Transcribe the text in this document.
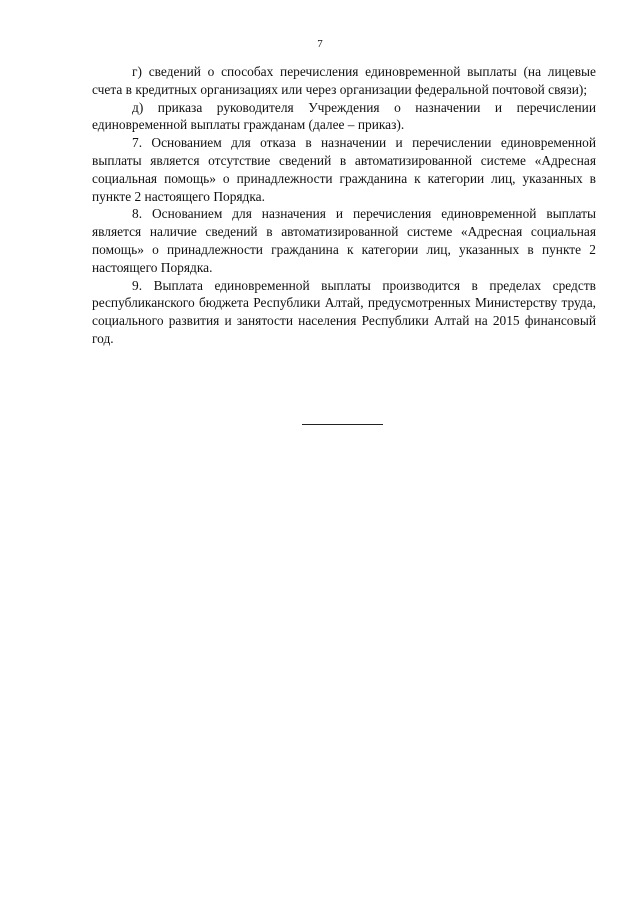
7

г) сведений о способах перечисления единовременной выплаты (на лицевые счета в кредитных организациях или через организации федеральной почтовой связи);

д) приказа руководителя Учреждения о назначении и перечислении единовременной выплаты гражданам (далее – приказ).

7. Основанием для отказа в назначении и перечислении единовременной выплаты является отсутствие сведений в автоматизированной системе «Адресная социальная помощь» о принадлежности гражданина к категории лиц, указанных в пункте 2 настоящего Порядка.

8. Основанием для назначения и перечисления единовременной выплаты является наличие сведений в автоматизированной системе «Адресная социальная помощь» о принадлежности гражданина к категории лиц, указанных в пункте 2 настоящего Порядка.

9. Выплата единовременной выплаты производится в пределах средств республиканского бюджета Республики Алтай, предусмотренных Министерству труда, социального развития и занятости населения Республики Алтай на 2015 финансовый год.
